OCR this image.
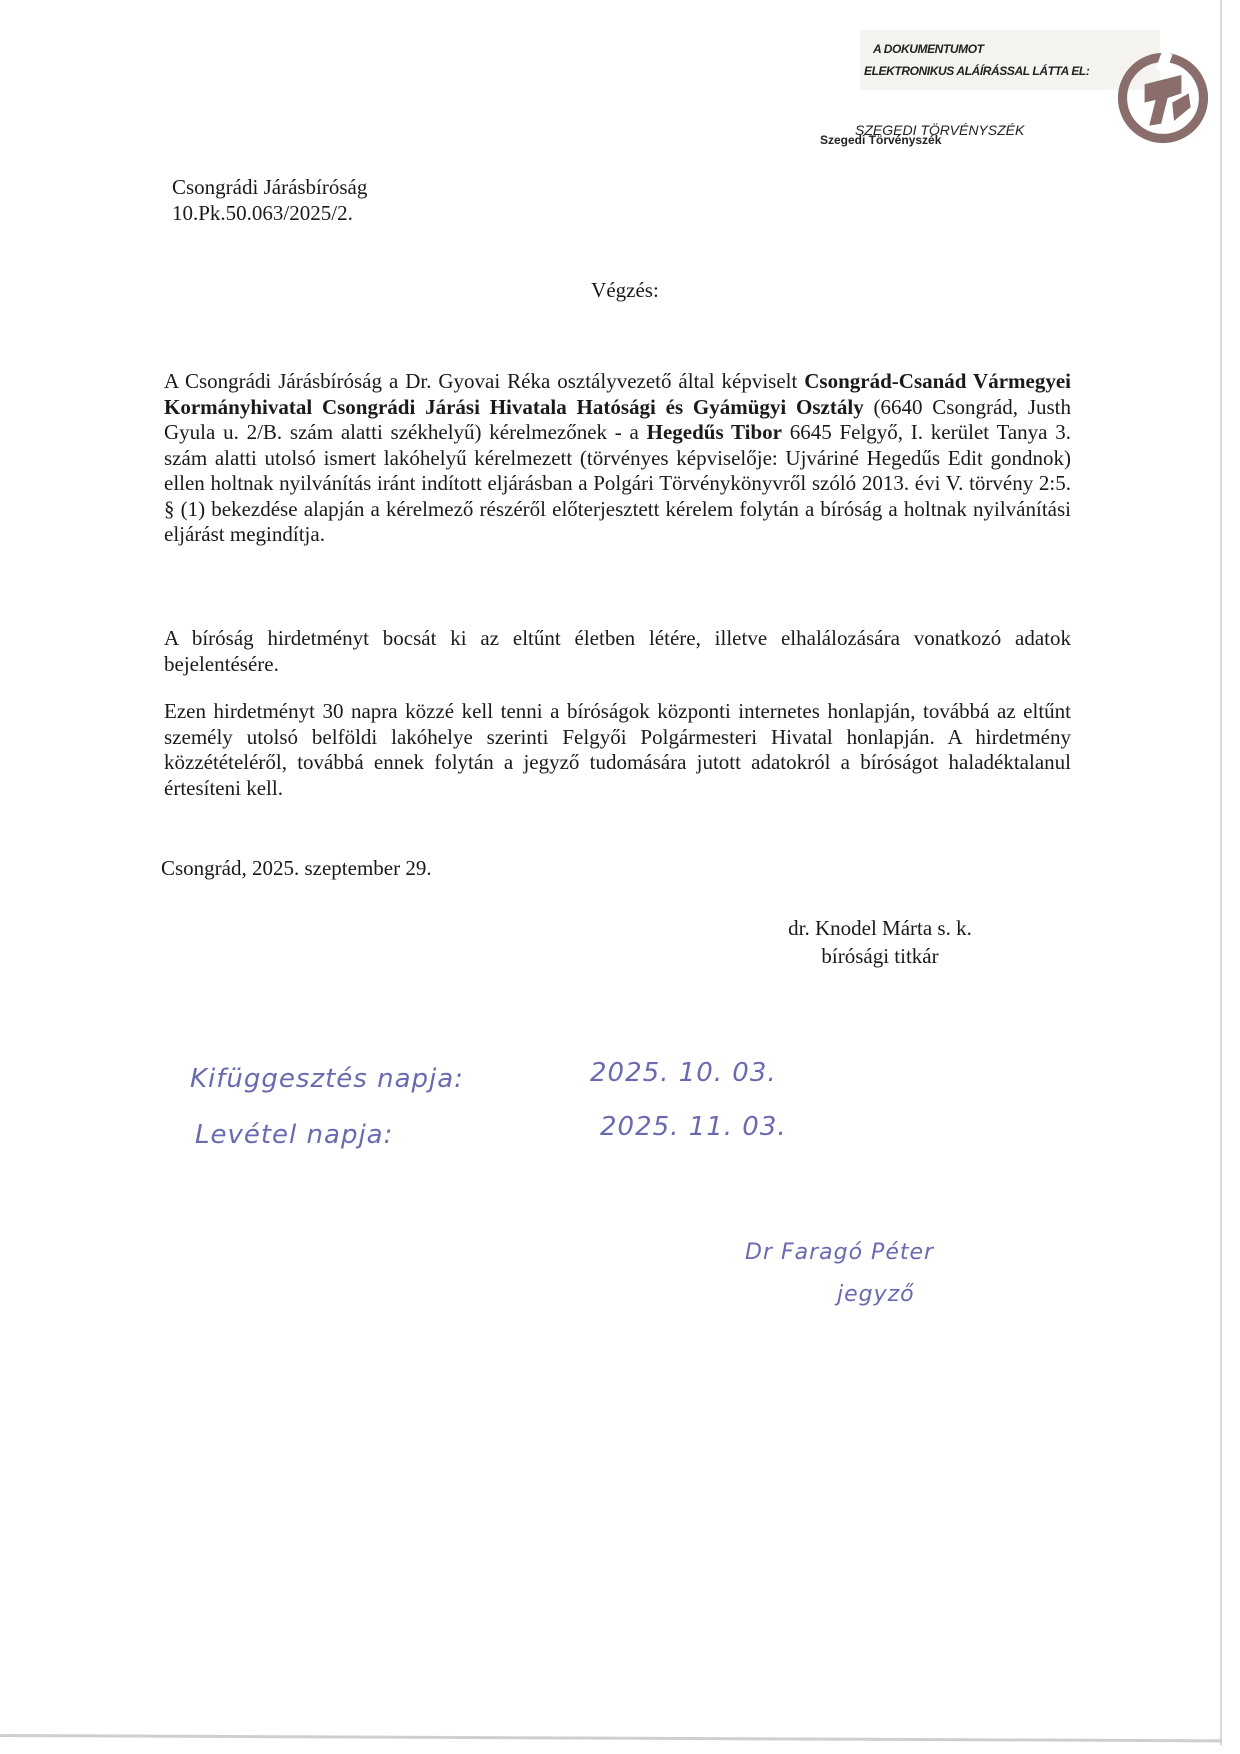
A DOKUMENTUMOT
ELEKTRONIKUS ALÁÍRÁSSAL LÁTTA EL:
SZEGEDI TÖRVÉNYSZÉK
Szegedi Törvényszék
Csongrádi Járásbíróság
10.Pk.50.063/2025/2.
Végzés:
A Csongrádi Járásbíróság a Dr. Gyovai Réka osztályvezető által képviselt Csongrád-Csanád Vármegyei Kormányhivatal Csongrádi Járási Hivatala Hatósági és Gyámügyi Osztály (6640 Csongrád, Justh Gyula u. 2/B. szám alatti székhelyű) kérelmezőnek - a Hegedűs Tibor 6645 Felgyő, I. kerület Tanya 3. szám alatti utolsó ismert lakóhelyű kérelmezett (törvényes képviselője: Ujváriné Hegedűs Edit gondnok) ellen holtnak nyilvánítás iránt indított eljárásban a Polgári Törvénykönyvről szóló 2013. évi V. törvény 2:5. § (1) bekezdése alapján a kérelmező részéről előterjesztett kérelem folytán a bíróság a holtnak nyilvánítási eljárást megindítja.
A bíróság hirdetményt bocsát ki az eltűnt életben létére, illetve elhalálozására vonatkozó adatok bejelentésére.
Ezen hirdetményt 30 napra közzé kell tenni a bíróságok központi internetes honlapján, továbbá az eltűnt személy utolsó belföldi lakóhelye szerinti Felgyői Polgármesteri Hivatal honlapján. A hirdetmény közzétételéről, továbbá ennek folytán a jegyző tudomására jutott adatokról a bíróságot haladéktalanul értesíteni kell.
Csongrád, 2025. szeptember 29.
dr. Knodel Márta s. k.
bírósági titkár
Kifüggesztés napja:	2025. 10. 03.
Levétel napja:	2025. 11. 03.
Dr Faragó Péter
jegyző
